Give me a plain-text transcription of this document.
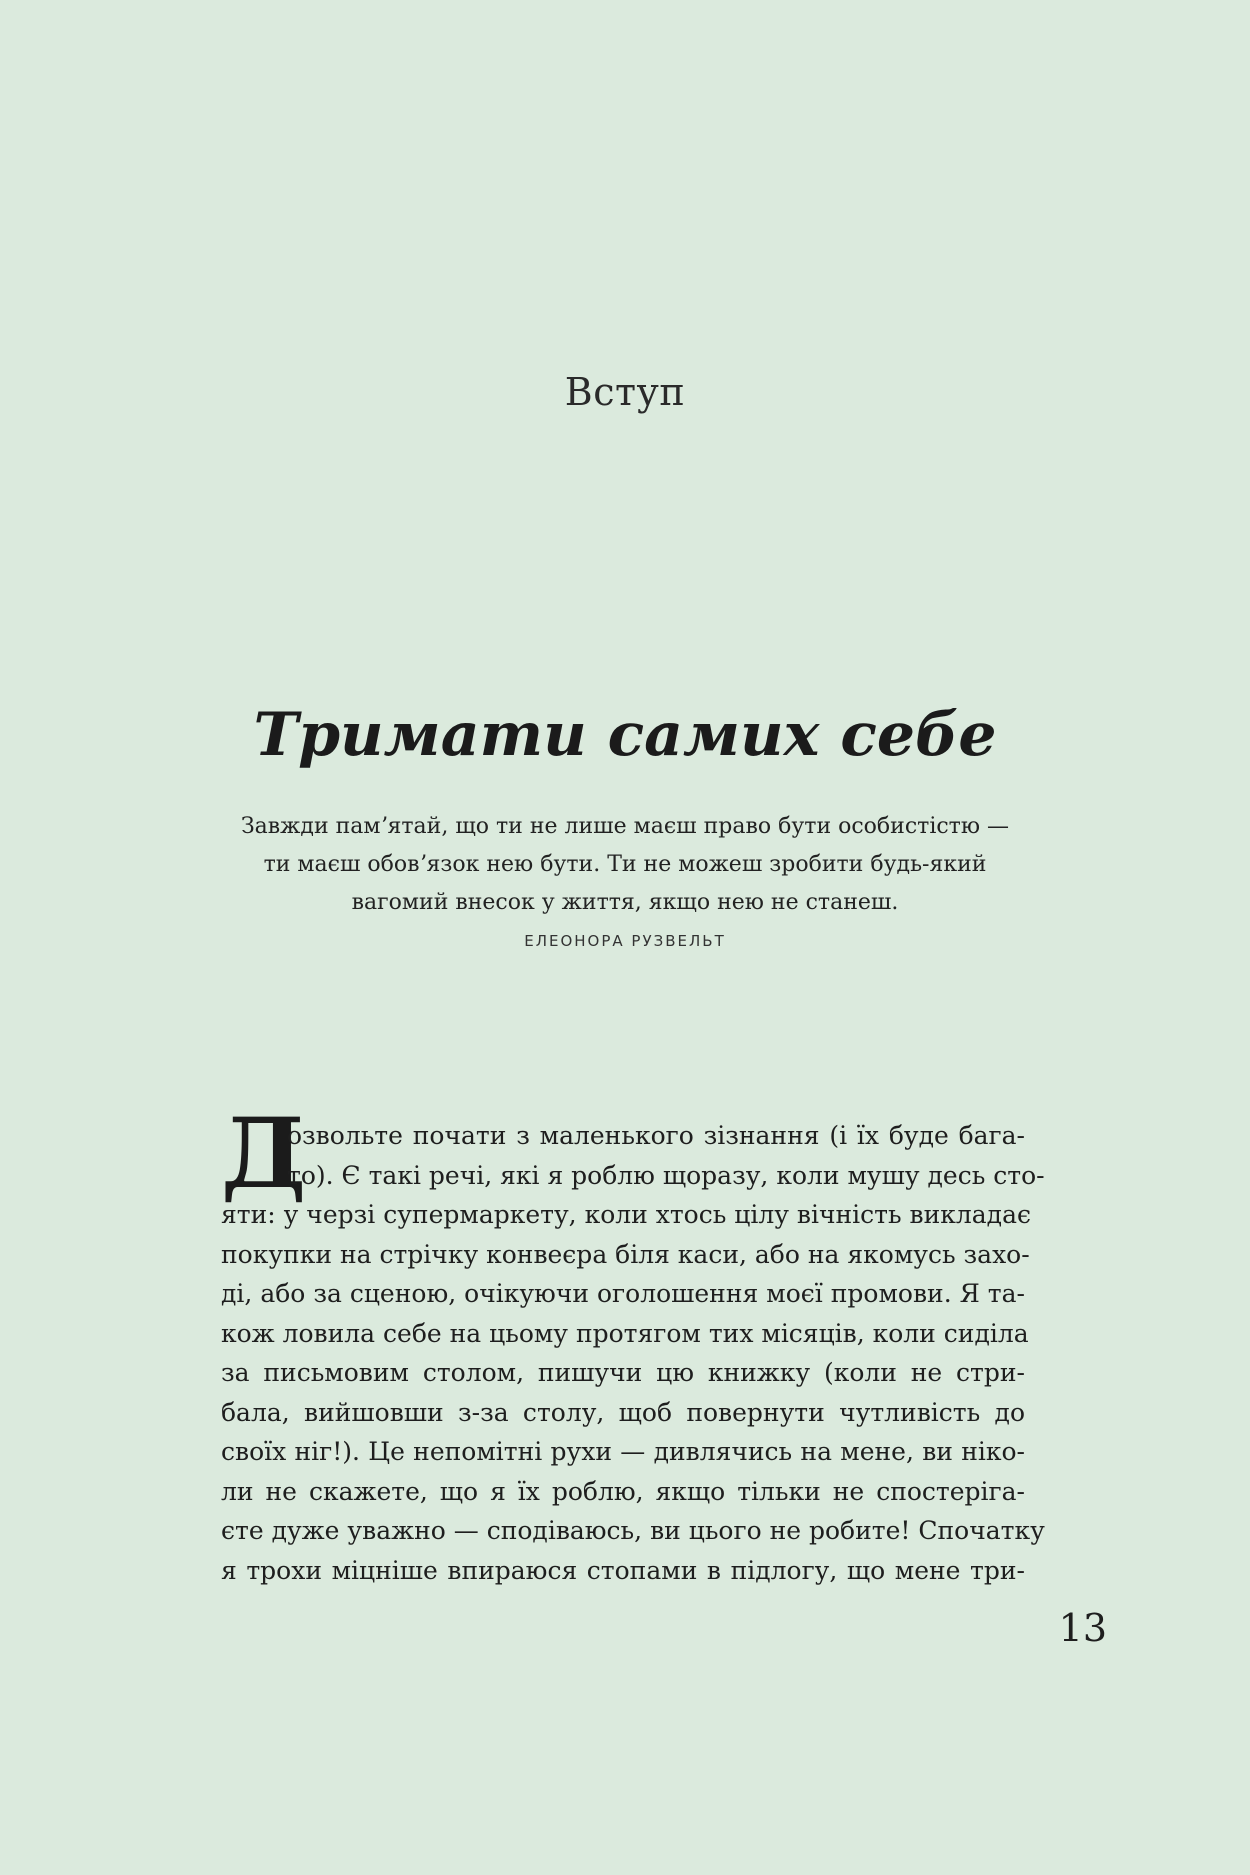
Вступ
Тримати самих себе

Завжди памʼятай, що ти не лише маєш право бути особистістю —
ти маєш обовʼязок нею бути. Ти не можеш зробити будь-який
вагомий внесок у життя, якщо нею не станеш.

ЕЛЕОНОРА РУЗВЕЛЬТ
Д
озвольте почати з маленького зізнання (і їх буде бага-
то). Є такі речі, які я роблю щоразу, коли мушу десь сто-
яти: у черзі супермаркету, коли хтось цілу вічність викладає
покупки на стрічку конвеєра біля каси, або на якомусь захо-
ді, або за сценою, очікуючи оголошення моєї промови. Я та-
кож ловила себе на цьому протягом тих місяців, коли сиділа
за письмовим столом, пишучи цю книжку (коли не стри-
бала, вийшовши з-за столу, щоб повернути чутливість до
своїх ніг!). Це непомітні рухи — дивлячись на мене, ви ніко-
ли не скажете, що я їх роблю, якщо тільки не спостерігa-
єте дуже уважно — сподіваюсь, ви цього не робите! Спочатку
я трохи міцніше впираюся стопами в підлогу, що мене три-
13
